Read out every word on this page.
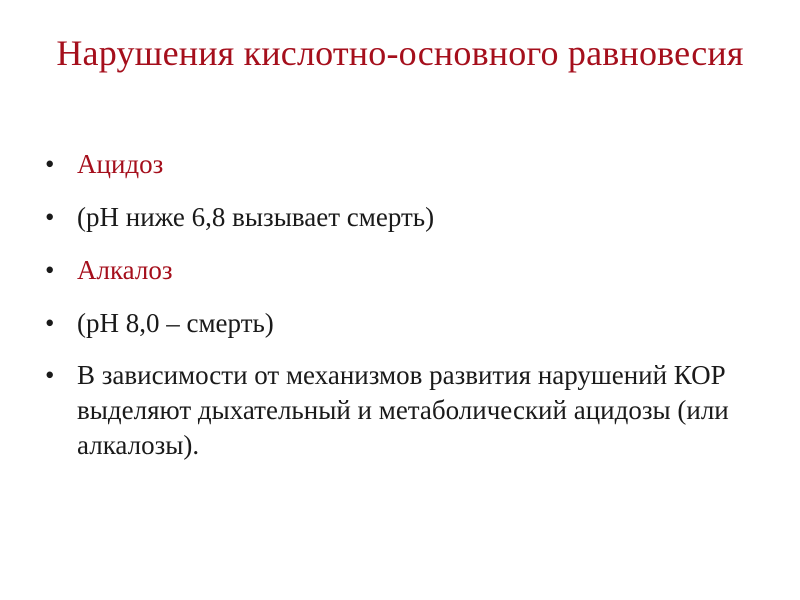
Нарушения кислотно-основного равновесия
• Ацидоз
• (pH ниже 6,8 вызывает смерть)
• Алкалоз
• (pH 8,0 – смерть)
• В зависимости от механизмов развития нарушений КОР выделяют дыхательный и метаболический ацидозы (или алкалозы).
